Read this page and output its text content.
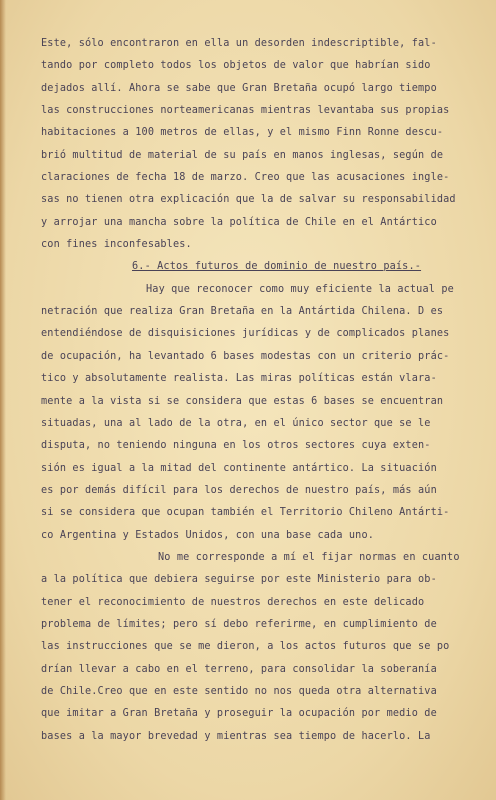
Este, sólo encontraron en ella un desorden indescriptible, fal-
tando por completo todos los objetos de valor que habrían sido
dejados allí. Ahora se sabe que Gran Bretaña ocupó largo tiempo
las construcciones norteamericanas mientras levantaba sus propias
habitaciones a 100 metros de ellas, y el mismo Finn Ronne descu-
brió multitud de material de su país en manos inglesas, según de
claraciones de fecha 18 de marzo. Creo que las acusaciones ingle-
sas no tienen otra explicación que la de salvar su responsabilidad
y arrojar una mancha sobre la política de Chile en el Antártico
con fines inconfesables.
6.- Actos futuros de dominio de nuestro país.-
Hay que reconocer como muy eficiente la actual pe
netración que realiza Gran Bretaña en la Antártida Chilena. D es
entendiéndose de disquisiciones jurídicas y de complicados planes
de ocupación, ha levantado 6 bases modestas con un criterio prác-
tico y absolutamente realista. Las miras políticas están vlara-
mente a la vista si se considera que estas 6 bases se encuentran
situadas, una al lado de la otra, en el único sector que se le
disputa, no teniendo ninguna en los otros sectores cuya exten-
sión es igual a la mitad del continente antártico. La situación
es por demás difícil para los derechos de nuestro país, más aún
si se considera que ocupan también el Territorio Chileno Antárti-
co Argentina y Estados Unidos, con una base cada uno.
No me corresponde a mí el fijar normas en cuanto
a la política que debiera seguirse por este Ministerio para ob-
tener el reconocimiento de nuestros derechos en este delicado
problema de límites; pero sí debo referirme, en cumplimiento de
las instrucciones que se me dieron, a los actos futuros que se po
drían llevar a cabo en el terreno, para consolidar la soberanía
de Chile.Creo que en este sentido no nos queda otra alternativa
que imitar a Gran Bretaña y proseguir la ocupación por medio de
bases a la mayor brevedad y mientras sea tiempo de hacerlo. La
